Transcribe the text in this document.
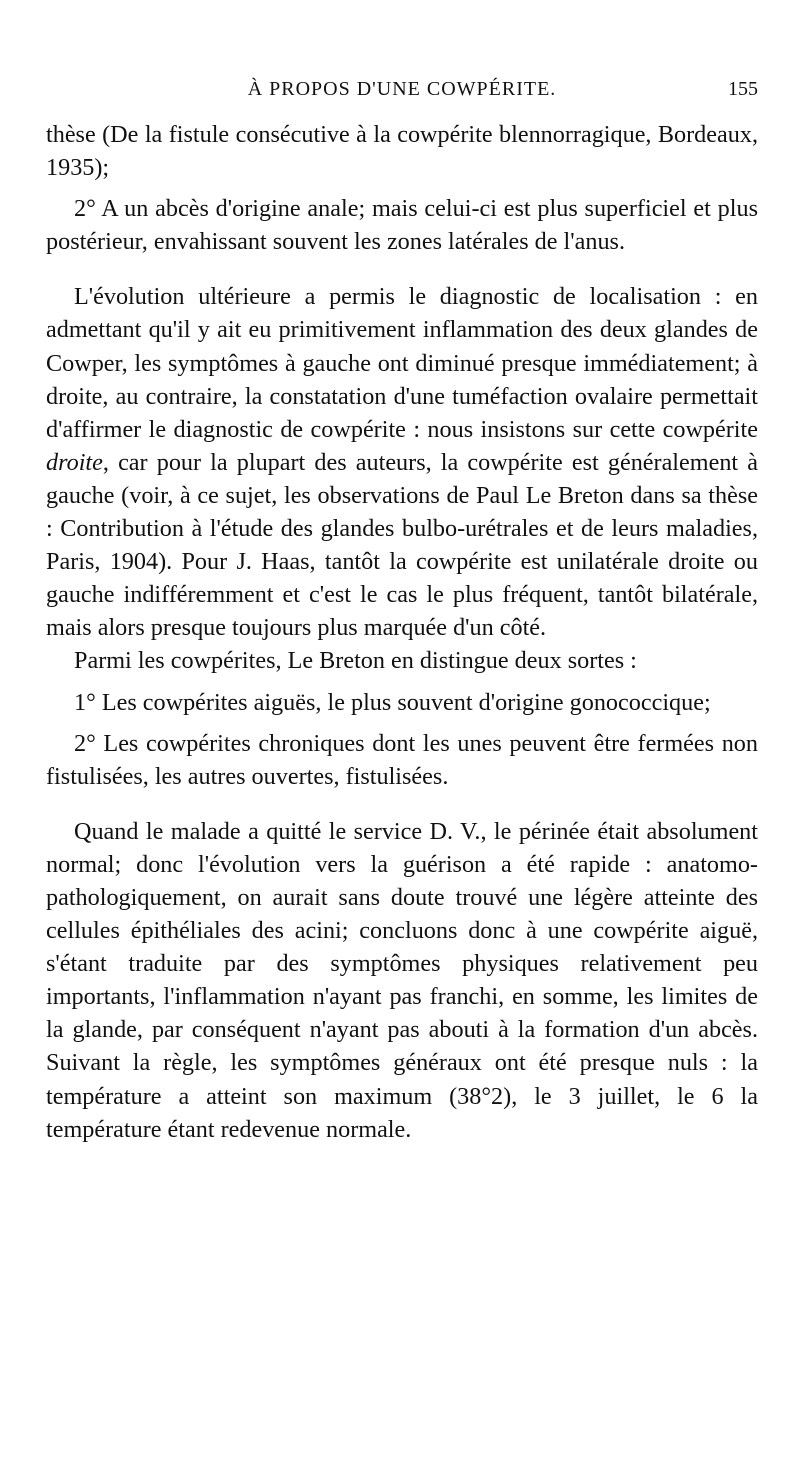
À PROPOS D'UNE COWPÉRITE.	155

thèse (De la fistule consécutive à la cowpérite blennorragique, Bordeaux, 1935);

2° A un abcès d'origine anale; mais celui-ci est plus superficiel et plus postérieur, envahissant souvent les zones latérales de l'anus.

L'évolution ultérieure a permis le diagnostic de localisation : en admettant qu'il y ait eu primitivement inflammation des deux glandes de Cowper, les symptômes à gauche ont diminué presque immédiatement; à droite, au contraire, la constatation d'une tuméfaction ovalaire permettait d'affirmer le diagnostic de cowpérite : nous insistons sur cette cowpérite droite, car pour la plupart des auteurs, la cowpérite est généralement à gauche (voir, à ce sujet, les observations de Paul Le Breton dans sa thèse : Contribution à l'étude des glandes bulbo-urétrales et de leurs maladies, Paris, 1904). Pour J. Haas, tantôt la cowpérite est unilatérale droite ou gauche indifféremment et c'est le cas le plus fréquent, tantôt bilatérale, mais alors presque toujours plus marquée d'un côté.

Parmi les cowpérites, Le Breton en distingue deux sortes :

1° Les cowpérites aiguës, le plus souvent d'origine gonococcique;

2° Les cowpérites chroniques dont les unes peuvent être fermées non fistulisées, les autres ouvertes, fistulisées.

Quand le malade a quitté le service D. V., le périnée était absolument normal; donc l'évolution vers la guérison a été rapide : anatomo-pathologiquement, on aurait sans doute trouvé une légère atteinte des cellules épithéliales des acini; concluons donc à une cowpérite aiguë, s'étant traduite par des symptômes physiques relativement peu importants, l'inflammation n'ayant pas franchi, en somme, les limites de la glande, par conséquent n'ayant pas abouti à la formation d'un abcès. Suivant la règle, les symptômes généraux ont été presque nuls : la température a atteint son maximum (38°2), le 3 juillet, le 6 la température étant redevenue normale.
